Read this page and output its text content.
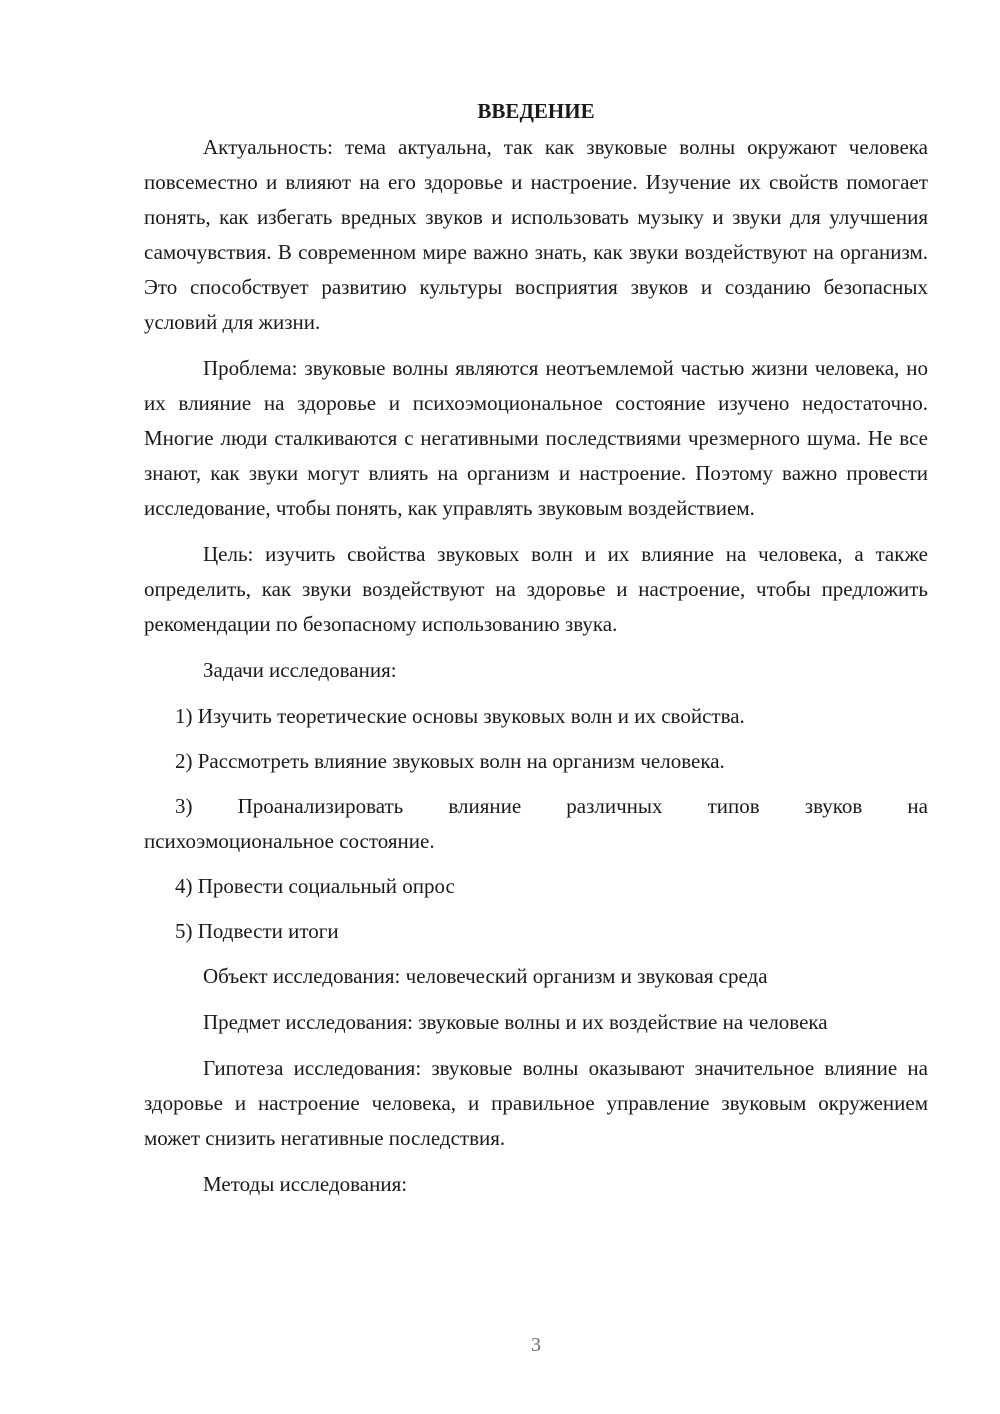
ВВЕДЕНИЕ

Актуальность: тема актуальна, так как звуковые волны окружают человека повсеместно и влияют на его здоровье и настроение. Изучение их свойств помогает понять, как избегать вредных звуков и использовать музыку и звуки для улучшения самочувствия. В современном мире важно знать, как звуки воздействуют на организм. Это способствует развитию культуры восприятия звуков и созданию безопасных условий для жизни.

Проблема: звуковые волны являются неотъемлемой частью жизни человека, но их влияние на здоровье и психоэмоциональное состояние изучено недостаточно. Многие люди сталкиваются с негативными последствиями чрезмерного шума. Не все знают, как звуки могут влиять на организм и настроение. Поэтому важно провести исследование, чтобы понять, как управлять звуковым воздействием.

Цель: изучить свойства звуковых волн и их влияние на человека, а также определить, как звуки воздействуют на здоровье и настроение, чтобы предложить рекомендации по безопасному использованию звука.

Задачи исследования:

1) Изучить теоретические основы звуковых волн и их свойства.

2) Рассмотреть влияние звуковых волн на организм человека.

3) Проанализировать влияние различных типов звуков на
психоэмоциональное состояние.

4) Провести социальный опрос

5) Подвести итоги

Объект исследования: человеческий организм и звуковая среда

Предмет исследования: звуковые волны и их воздействие на человека

Гипотеза исследования: звуковые волны оказывают значительное влияние на здоровье и настроение человека, и правильное управление звуковым окружением может снизить негативные последствия.

Методы исследования:

3
